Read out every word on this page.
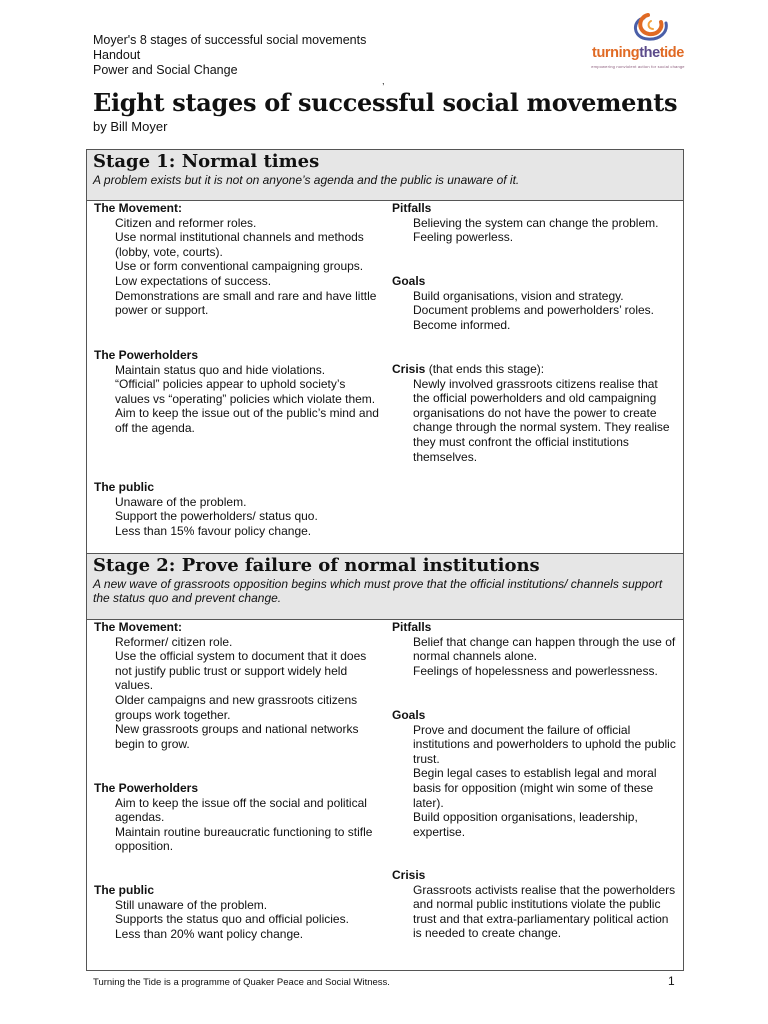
Moyer's 8 stages of successful social movements
Handout
Power and Social Change
turningthetide
empowering nonviolent action for social change
,
Eight stages of successful social movements
by Bill Moyer
Stage 1: Normal times
A problem exists but it is not on anyone’s agenda and the public is unaware of it.
The Movement:
Citizen and reformer roles.
Use normal institutional channels and methods (lobby, vote, courts).
Use or form conventional campaigning groups.
Low expectations of success.
Demonstrations are small and rare and have little power or support.
The Powerholders
Maintain status quo and hide violations.
“Official” policies appear to uphold society’s values vs “operating” policies which violate them.
Aim to keep the issue out of the public’s mind and off the agenda.
The public
Unaware of the problem.
Support the powerholders/ status quo.
Less than 15% favour policy change.
Pitfalls
Believing the system can change the problem.
Feeling powerless.
Goals
Build organisations, vision and strategy.
Document problems and powerholders’ roles.
Become informed.
Crisis (that ends this stage):
Newly involved grassroots citizens realise that the official powerholders and old campaigning organisations do not have the power to create change through the normal system. They realise they must confront the official institutions themselves.
Stage 2: Prove failure of normal institutions
A new wave of grassroots opposition begins which must prove that the official institutions/ channels support the status quo and prevent change.
The Movement:
Reformer/ citizen role.
Use the official system to document that it does not justify public trust or support widely held values.
Older campaigns and new grassroots citizens groups work together.
New grassroots groups and national networks begin to grow.
The Powerholders
Aim to keep the issue off the social and political agendas.
Maintain routine bureaucratic functioning to stifle opposition.
The public
Still unaware of the problem.
Supports the status quo and official policies.
Less than 20% want policy change.
Pitfalls
Belief that change can happen through the use of normal channels alone.
Feelings of hopelessness and powerlessness.
Goals
Prove and document the failure of official institutions and powerholders to uphold the public trust.
Begin legal cases to establish legal and moral basis for opposition (might win some of these later).
Build opposition organisations, leadership, expertise.
Crisis
Grassroots activists realise that the powerholders and normal public institutions violate the public trust and that extra-parliamentary political action is needed to create change.
Turning the Tide is a programme of Quaker Peace and Social Witness.	1
